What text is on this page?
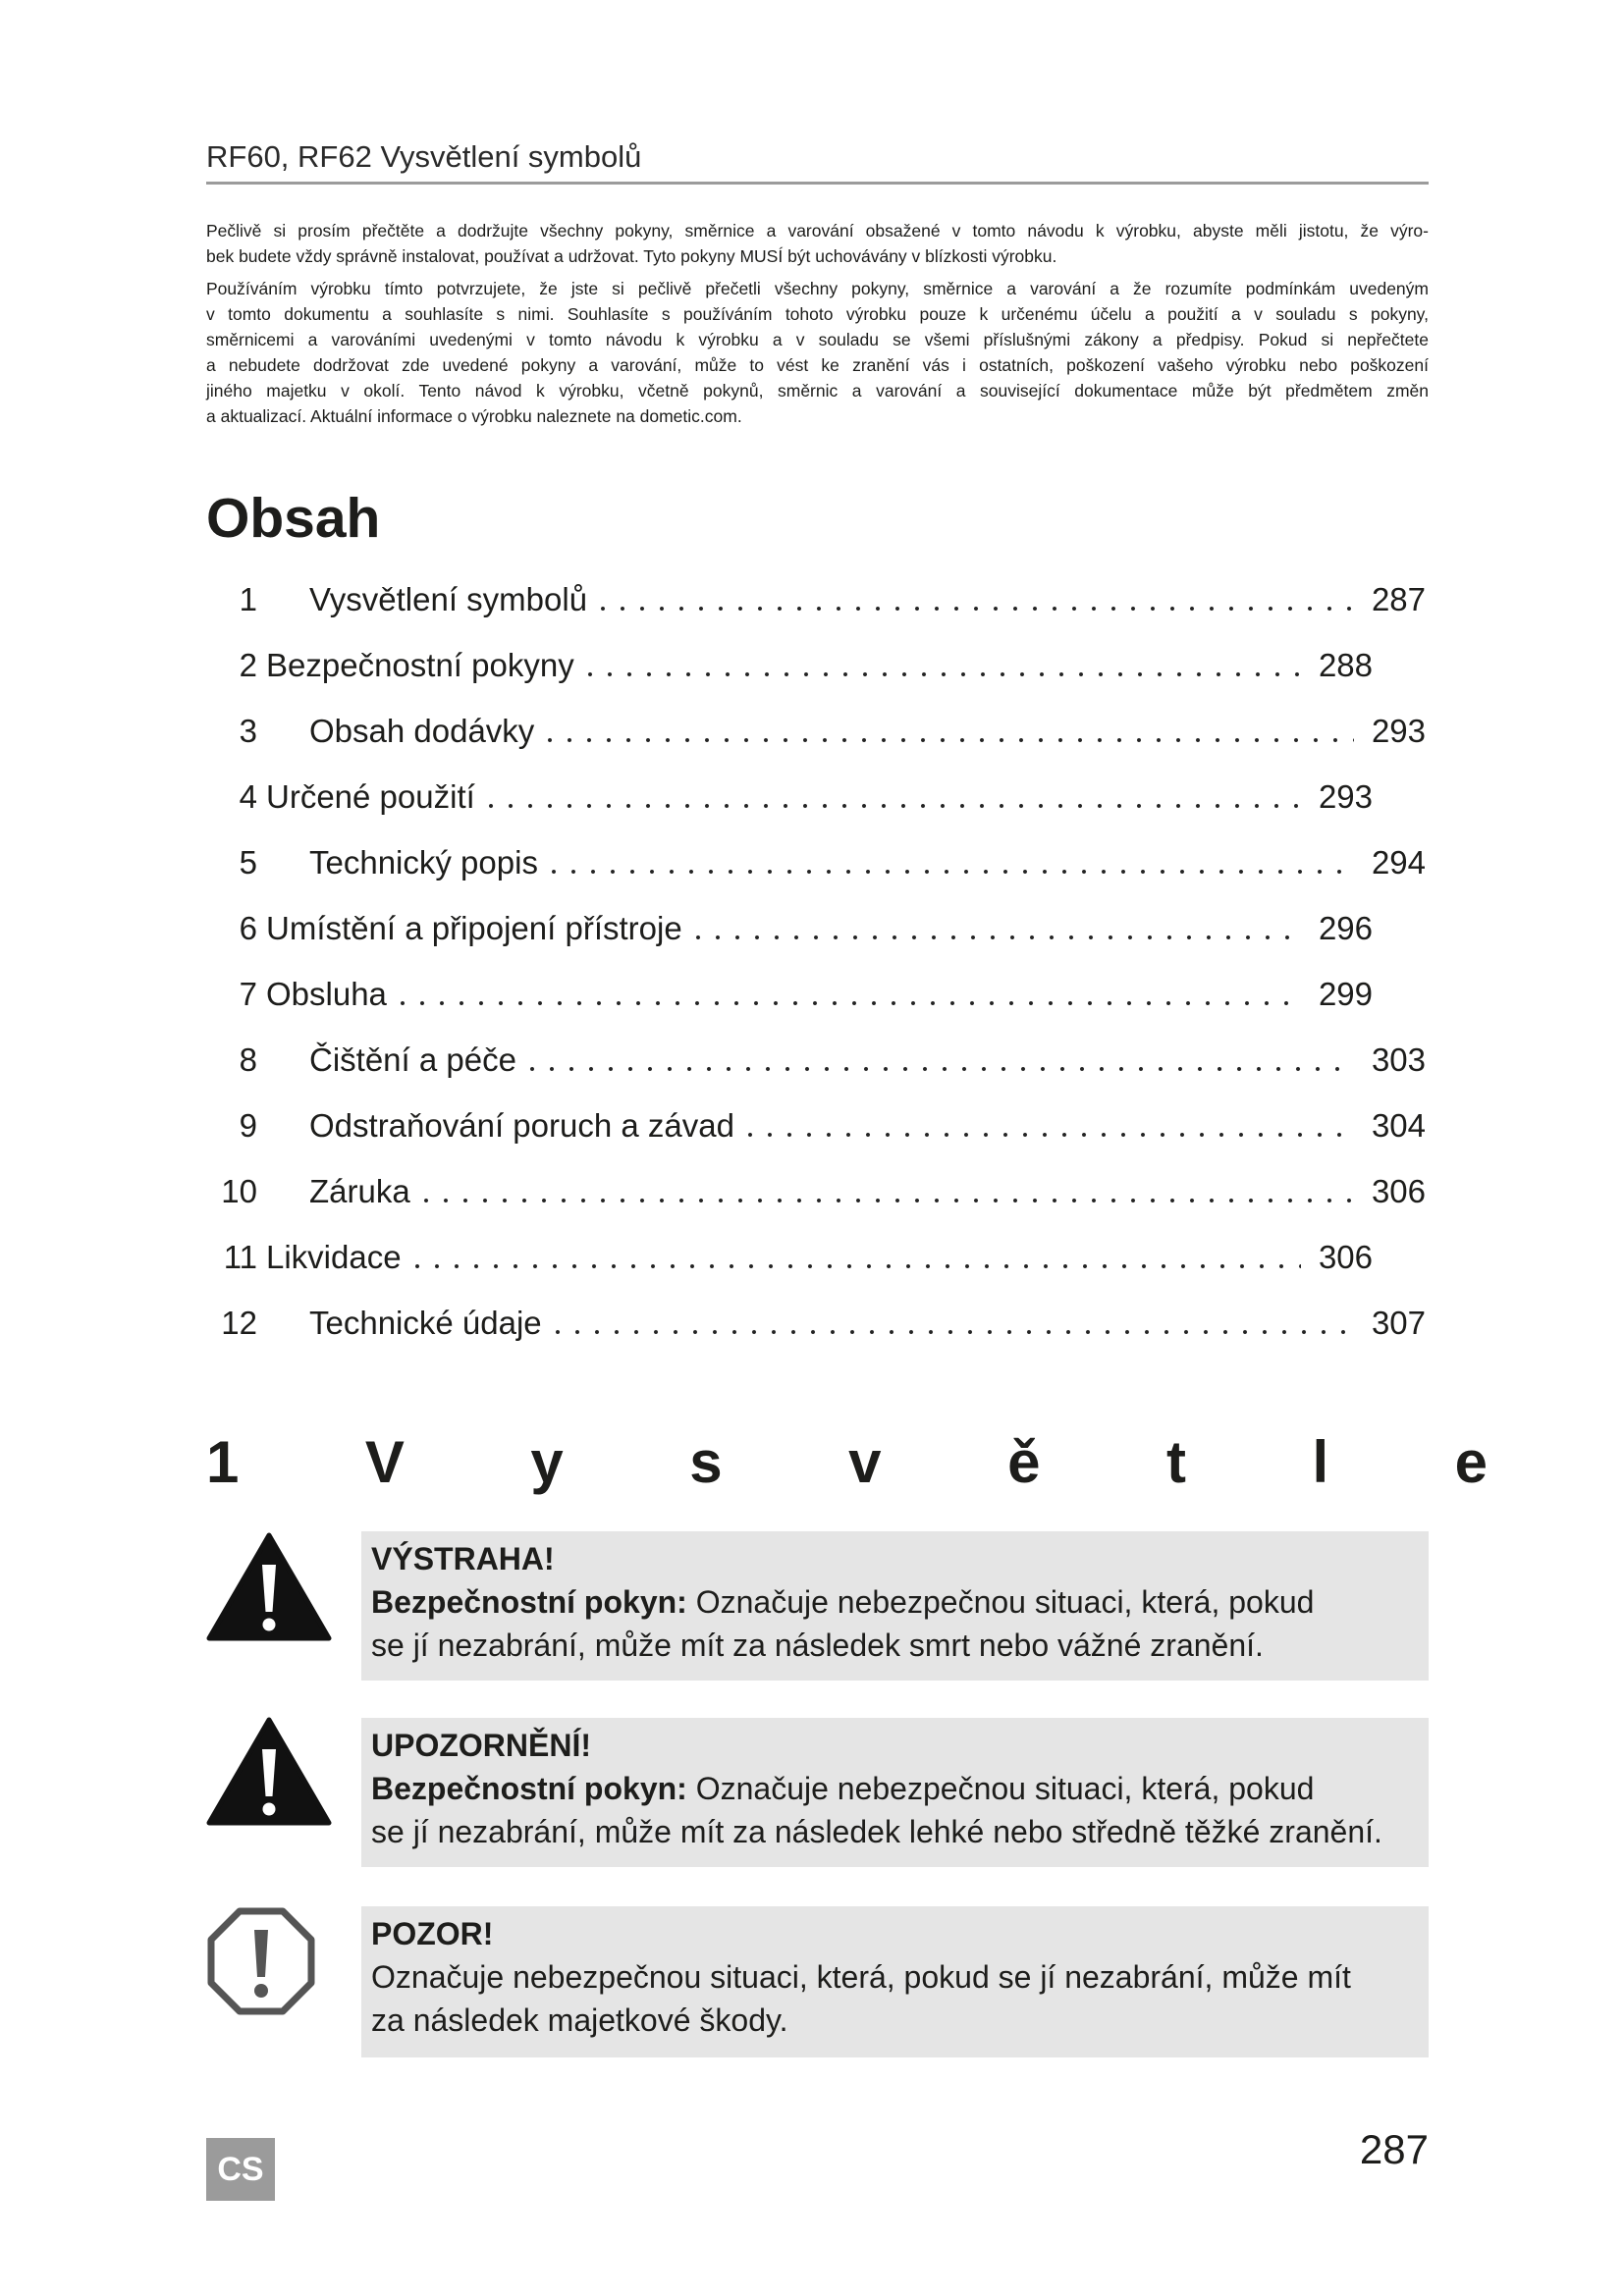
RF60, RF62 Vysvětlení symbolů
Pečlivě si prosím přečtěte a dodržujte všechny pokyny, směrnice a varování obsažené v tomto návodu k výrobku, abyste měli jistotu, že výro-
bek budete vždy správně instalovat, používat a udržovat. Tyto pokyny MUSÍ být uchovávány v blízkosti výrobku.
Používáním výrobku tímto potvrzujete, že jste si pečlivě přečetli všechny pokyny, směrnice a varování a že rozumíte podmínkám uvedeným
v tomto dokumentu a souhlasíte s nimi. Souhlasíte s používáním tohoto výrobku pouze k určenému účelu a použití a v souladu s pokyny,
směrnicemi a varováními uvedenými v tomto návodu k výrobku a v souladu se všemi příslušnými zákony a předpisy. Pokud si nepřečtete
a nebudete dodržovat zde uvedené pokyny a varování, může to vést ke zranění vás i ostatních, poškození vašeho výrobku nebo poškození
jiného majetku v okolí. Tento návod k výrobku, včetně pokynů, směrnic a varování a související dokumentace může být předmětem změn
a aktualizací. Aktuální informace o výrobku naleznete na dometic.com.
Obsah
1 Vysvětlení symbolů	287
2 Bezpečnostní pokyny	288
3 Obsah dodávky	293
4 Určené použití	293
5 Technický popis	294
6 Umístění a připojení přístroje	296
7 Obsluha	299
8 Čištění a péče	303
9 Odstraňování poruch a závad	304
10 Záruka	306
11 Likvidace	306
12 Technické údaje	307
1 V y s v ě t l e
VÝSTRAHA!
Bezpečnostní pokyn: Označuje nebezpečnou situaci, která, pokud
se jí nezabrání, může mít za následek smrt nebo vážné zranění.
UPOZORNĚNÍ!
Bezpečnostní pokyn: Označuje nebezpečnou situaci, která, pokud
se jí nezabrání, může mít za následek lehké nebo středně těžké zranění.
POZOR!
Označuje nebezpečnou situaci, která, pokud se jí nezabrání, může mít
za následek majetkové škody.
CS	287
